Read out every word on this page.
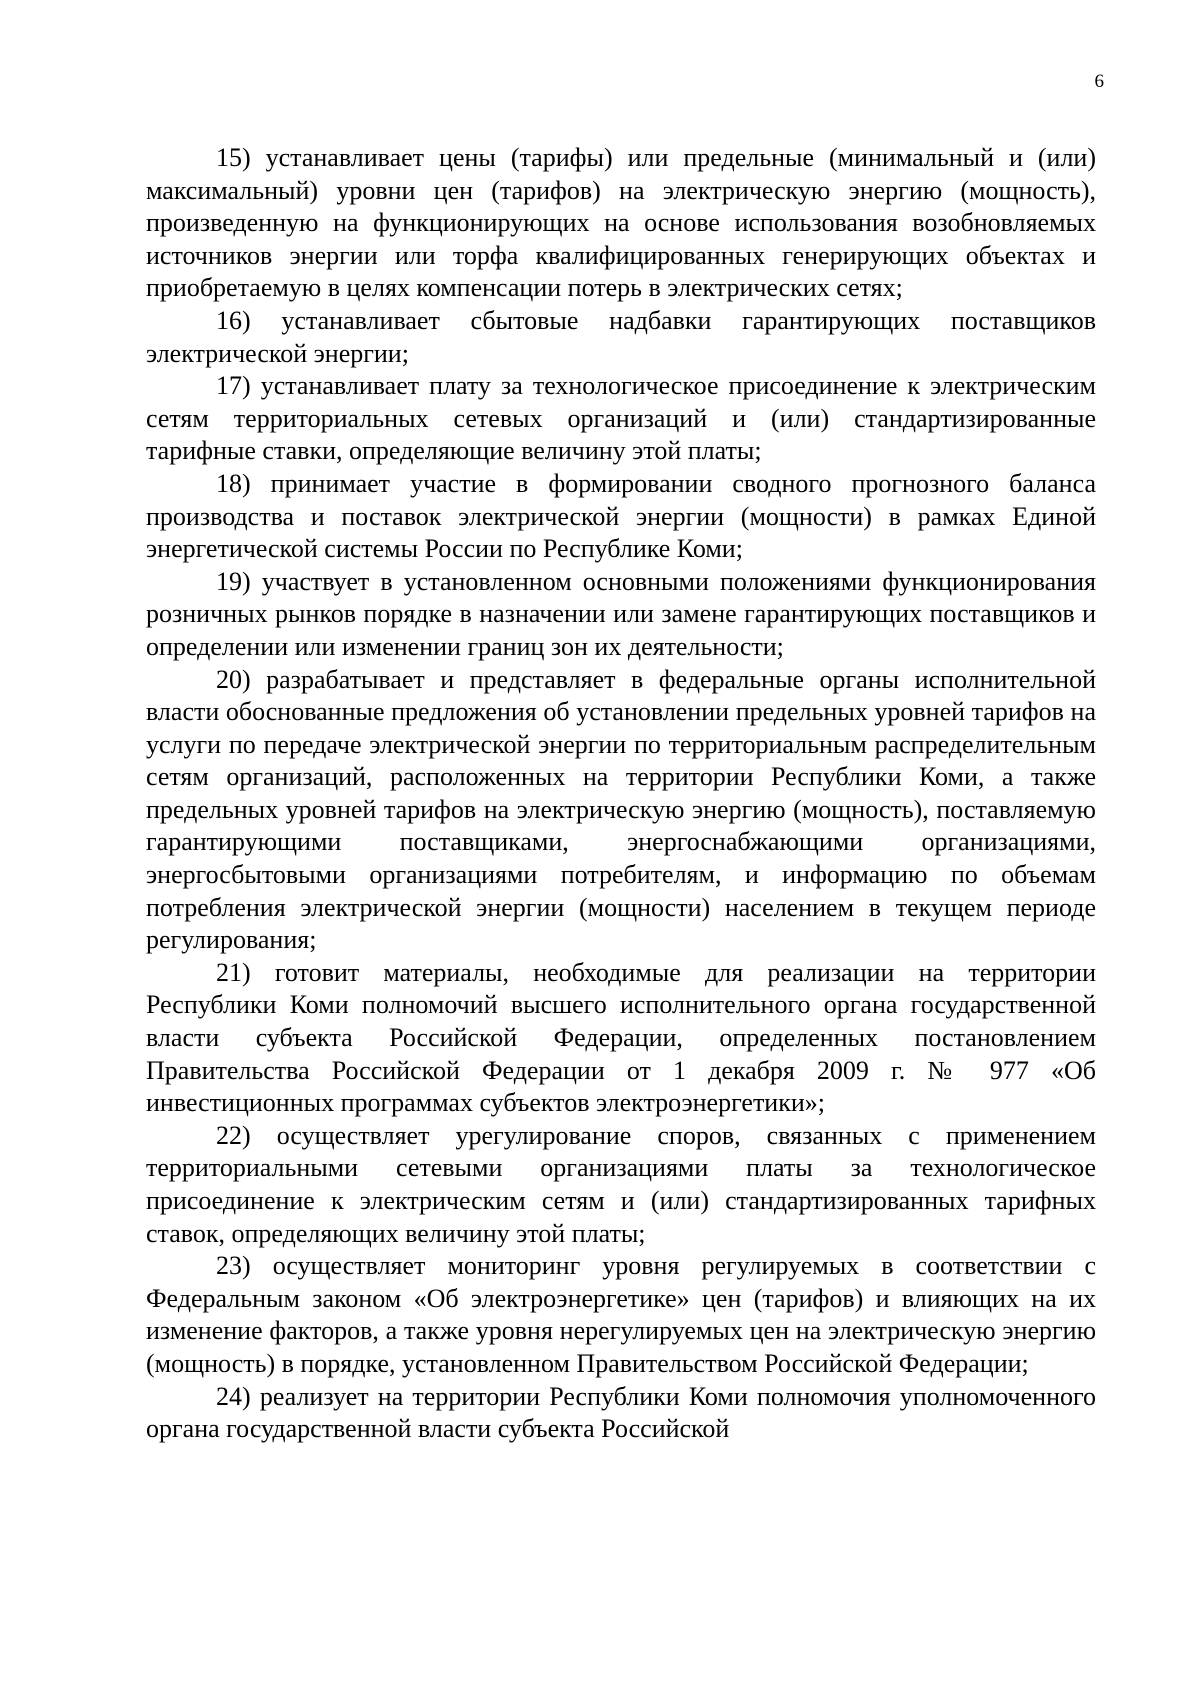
6

15) устанавливает цены (тарифы) или предельные (минимальный и (или) максимальный) уровни цен (тарифов) на электрическую энергию (мощность), произведенную на функционирующих на основе использования возобновляемых источников энергии или торфа квалифицированных генерирующих объектах и приобретаемую в целях компенсации потерь в электрических сетях;

16) устанавливает сбытовые надбавки гарантирующих поставщиков электрической энергии;

17) устанавливает плату за технологическое присоединение к электрическим сетям территориальных сетевых организаций и (или) стандартизированные тарифные ставки, определяющие величину этой платы;

18) принимает участие в формировании сводного прогнозного баланса производства и поставок электрической энергии (мощности) в рамках Единой энергетической системы России по Республике Коми;

19) участвует в установленном основными положениями функционирования розничных рынков порядке в назначении или замене гарантирующих поставщиков и определении или изменении границ зон их деятельности;

20) разрабатывает и представляет в федеральные органы исполнительной власти обоснованные предложения об установлении предельных уровней тарифов на услуги по передаче электрической энергии по территориальным распределительным сетям организаций, расположенных на территории Республики Коми, а также предельных уровней тарифов на электрическую энергию (мощность), поставляемую гарантирующими поставщиками, энергоснабжающими организациями, энергосбытовыми организациями потребителям, и информацию по объемам потребления электрической энергии (мощности) населением в текущем периоде регулирования;

21) готовит материалы, необходимые для реализации на территории Республики Коми полномочий высшего исполнительного органа государственной власти субъекта Российской Федерации, определенных постановлением Правительства Российской Федерации от 1 декабря 2009 г. № 977 «Об инвестиционных программах субъектов электроэнергетики»;

22) осуществляет урегулирование споров, связанных с применением территориальными сетевыми организациями платы за технологическое присоединение к электрическим сетям и (или) стандартизированных тарифных ставок, определяющих величину этой платы;

23) осуществляет мониторинг уровня регулируемых в соответствии с Федеральным законом «Об электроэнергетике» цен (тарифов) и влияющих на их изменение факторов, а также уровня нерегулируемых цен на электрическую энергию (мощность) в порядке, установленном Правительством Российской Федерации;

24) реализует на территории Республики Коми полномочия уполномоченного органа государственной власти субъекта Российской
